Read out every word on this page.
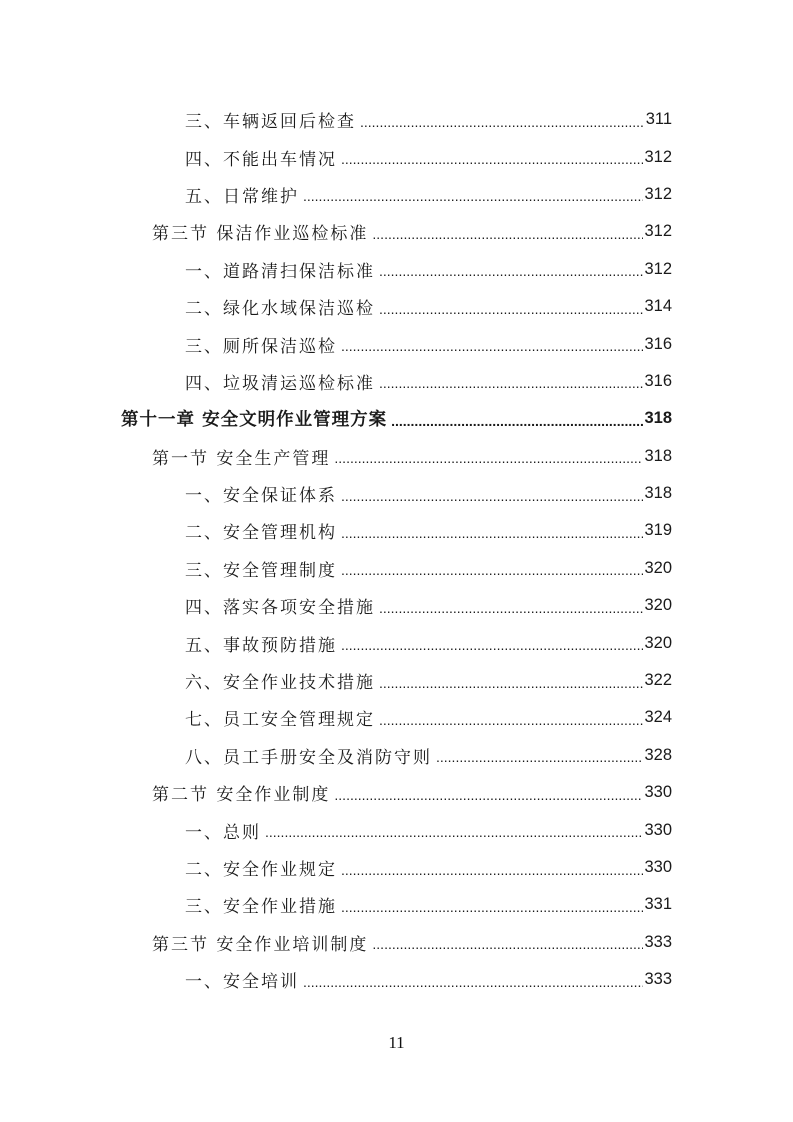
三、车辆返回后检查 .....	311
四、不能出车情况 .....	312
五、日常维护 .....	312
第三节 保洁作业巡检标准 .....	312
一、道路清扫保洁标准 .....	312
二、绿化水域保洁巡检 .....	314
三、厕所保洁巡检 .....	316
四、垃圾清运巡检标准 .....	316
第十一章 安全文明作业管理方案 .....	318
第一节 安全生产管理 .....	318
一、安全保证体系 .....	318
二、安全管理机构 .....	319
三、安全管理制度 .....	320
四、落实各项安全措施 .....	320
五、事故预防措施 .....	320
六、安全作业技术措施 .....	322
七、员工安全管理规定 .....	324
八、员工手册安全及消防守则 .....	328
第二节 安全作业制度 .....	330
一、总则 .....	330
二、安全作业规定 .....	330
三、安全作业措施 .....	331
第三节 安全作业培训制度 .....	333
一、安全培训 .....	333
11
